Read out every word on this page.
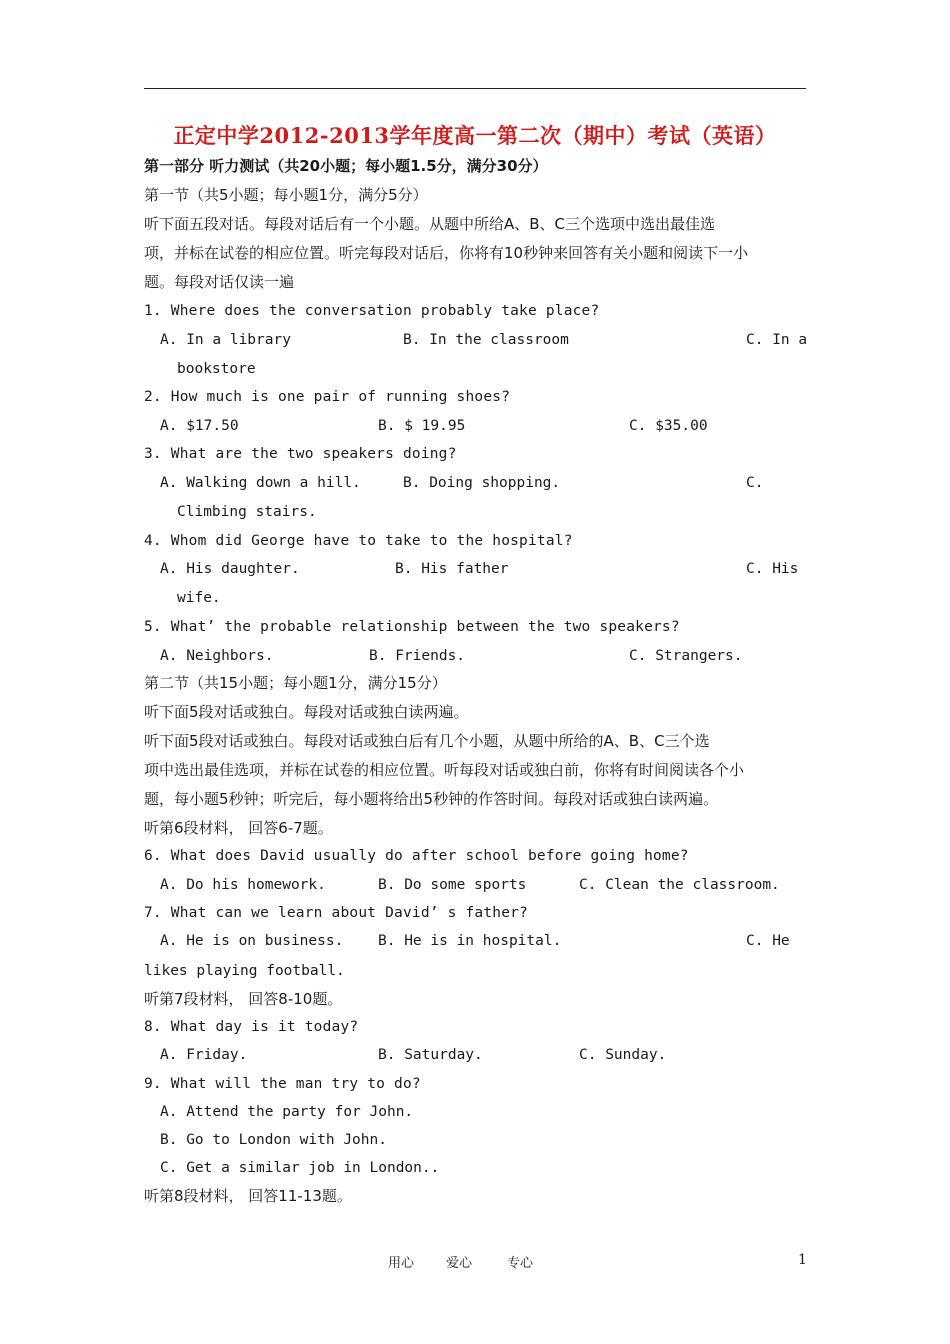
正定中学2012-2013学年度高一第二次（期中）考试（英语）
第一部分 听力测试（共20小题；每小题1.5分，满分30分）
第一节（共5小题；每小题1分，满分5分）
听下面五段对话。每段对话后有一个小题。从题中所给A、B、C三个选项中选出最佳选
项，并标在试卷的相应位置。听完每段对话后，你将有10秒钟来回答有关小题和阅读下一小
题。每段对话仅读一遍
1. Where does the conversation probably take place?
A. In a library	B. In the classroom	C. In a
bookstore
2. How much is one pair of running shoes?
A. $17.50	B. $ 19.95	C. $35.00
3. What are the two speakers doing?
A. Walking down a hill.	B. Doing shopping.	C.
Climbing stairs.
4. Whom did George have to take to the hospital?
A. His daughter.	B. His father	C. His
wife.
5. What’ the probable relationship between the two speakers?
A. Neighbors.	B. Friends.	C. Strangers.
第二节（共15小题；每小题1分，满分15分）
听下面5段对话或独白。每段对话或独白读两遍。
听下面5段对话或独白。每段对话或独白后有几个小题，从题中所给的A、B、C三个选
项中选出最佳选项，并标在试卷的相应位置。听每段对话或独白前，你将有时间阅读各个小
题，每小题5秒钟；听完后，每小题将给出5秒钟的作答时间。每段对话或独白读两遍。
听第6段材料， 回答6-7题。
6. What does David usually do after school before going home?
A. Do his homework.	B. Do some sports	C. Clean the classroom.
7. What can we learn about David’ s father?
A. He is on business. B. He is in hospital.	C. He
likes playing football.
听第7段材料， 回答8-10题。
8. What day is it today?
A. Friday.	B. Saturday.	C. Sunday.
9. What will the man try to do?
A. Attend the party for John.
B. Go to London with John.
C. Get a similar job in London..
听第8段材料， 回答11-13题。
用心 爱心	专心	1
